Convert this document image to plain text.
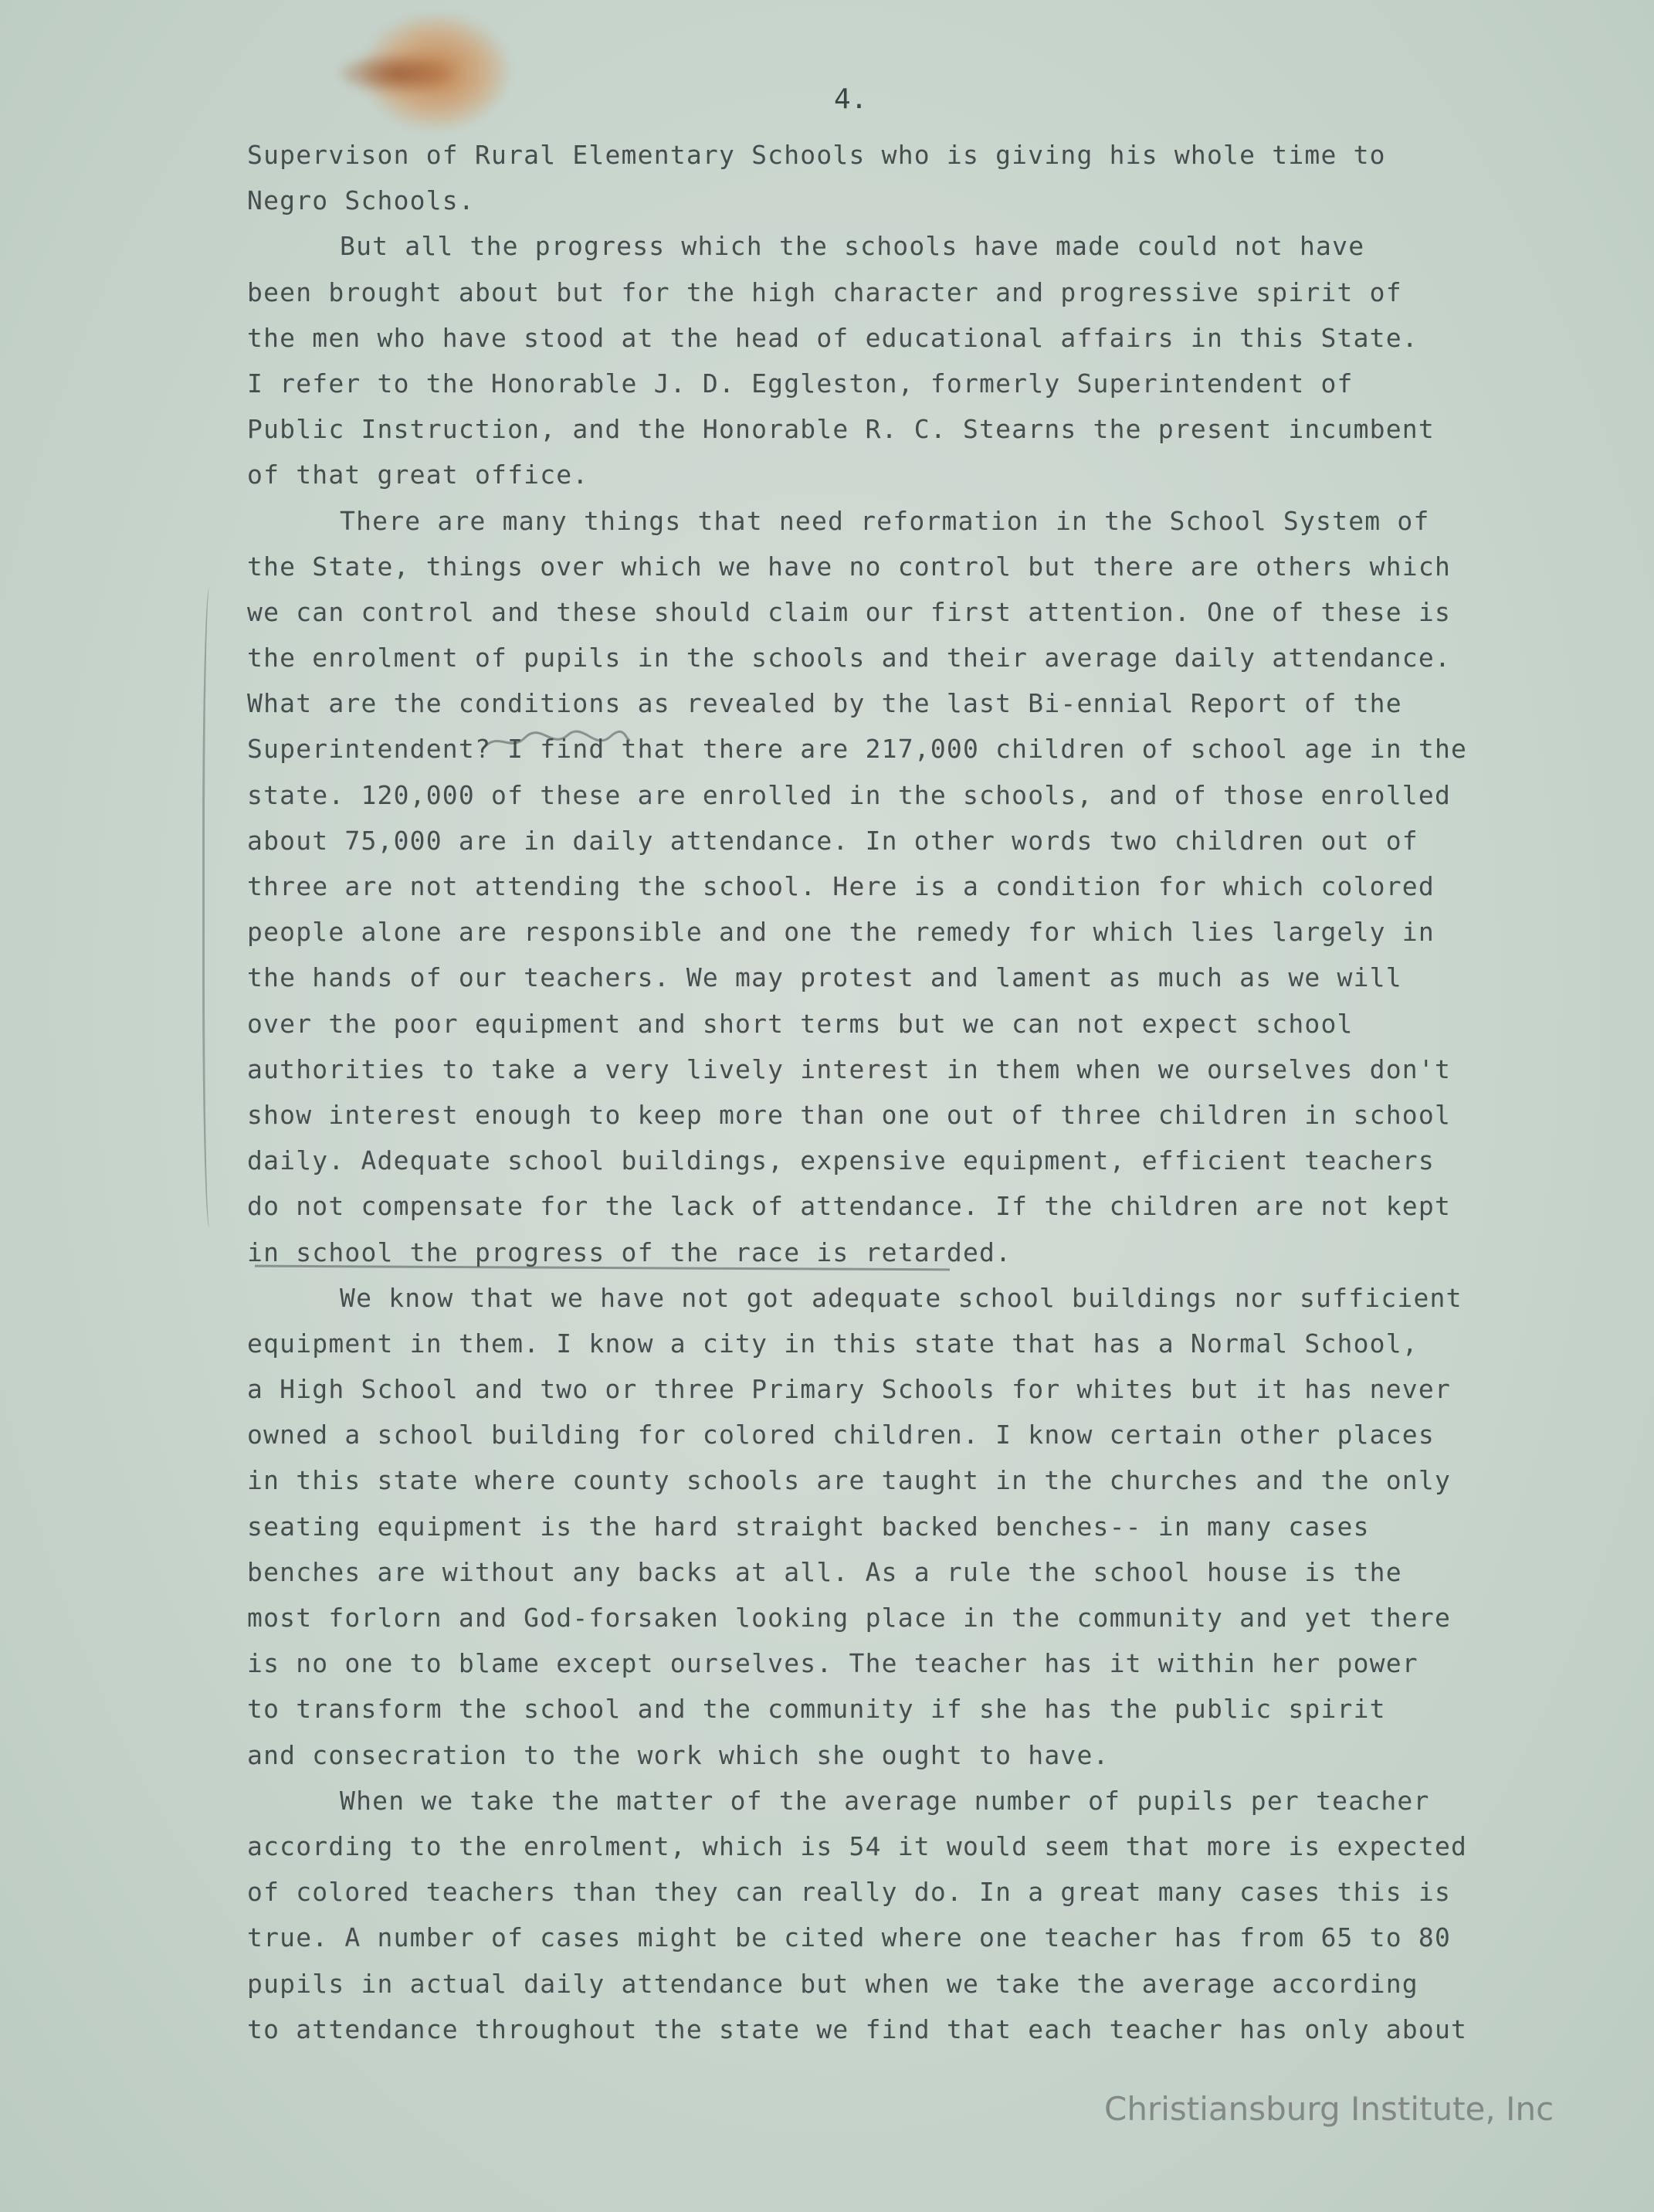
4.
Supervison of Rural Elementary Schools who is giving his whole time to
Negro Schools.
But all the progress which the schools have made could not have
been brought about but for the high character and progressive spirit of
the men who have stood at the head of educational affairs in this State.
I refer to the Honorable J. D. Eggleston, formerly Superintendent of
Public Instruction, and the Honorable R. C. Stearns the present incumbent
of that great office.
There are many things that need reformation in the School System of
the State, things over which we have no control but there are others which
we can control and these should claim our first attention. One of these is
the enrolment of pupils in the schools and their average daily attendance.
What are the conditions as revealed by the last Bi-ennial Report of the
Superintendent? I find that there are 217,000 children of school age in the
state. 120,000 of these are enrolled in the schools, and of those enrolled
about 75,000 are in daily attendance. In other words two children out of
three are not attending the school. Here is a condition for which colored
people alone are responsible and one the remedy for which lies largely in
the hands of our teachers. We may protest and lament as much as we will
over the poor equipment and short terms but we can not expect school
authorities to take a very lively interest in them when we ourselves don't
show interest enough to keep more than one out of three children in school
daily. Adequate school buildings, expensive equipment, efficient teachers
do not compensate for the lack of attendance. If the children are not kept
in school the progress of the race is retarded.
We know that we have not got adequate school buildings nor sufficient
equipment in them. I know a city in this state that has a Normal School,
a High School and two or three Primary Schools for whites but it has never
owned a school building for colored children. I know certain other places
in this state where county schools are taught in the churches and the only
seating equipment is the hard straight backed benches-- in many cases
benches are without any backs at all. As a rule the school house is the
most forlorn and God-forsaken looking place in the community and yet there
is no one to blame except ourselves. The teacher has it within her power
to transform the school and the community if she has the public spirit
and consecration to the work which she ought to have.
When we take the matter of the average number of pupils per teacher
according to the enrolment, which is 54 it would seem that more is expected
of colored teachers than they can really do. In a great many cases this is
true. A number of cases might be cited where one teacher has from 65 to 80
pupils in actual daily attendance but when we take the average according
to attendance throughout the state we find that each teacher has only about
Christiansburg Institute, Inc
